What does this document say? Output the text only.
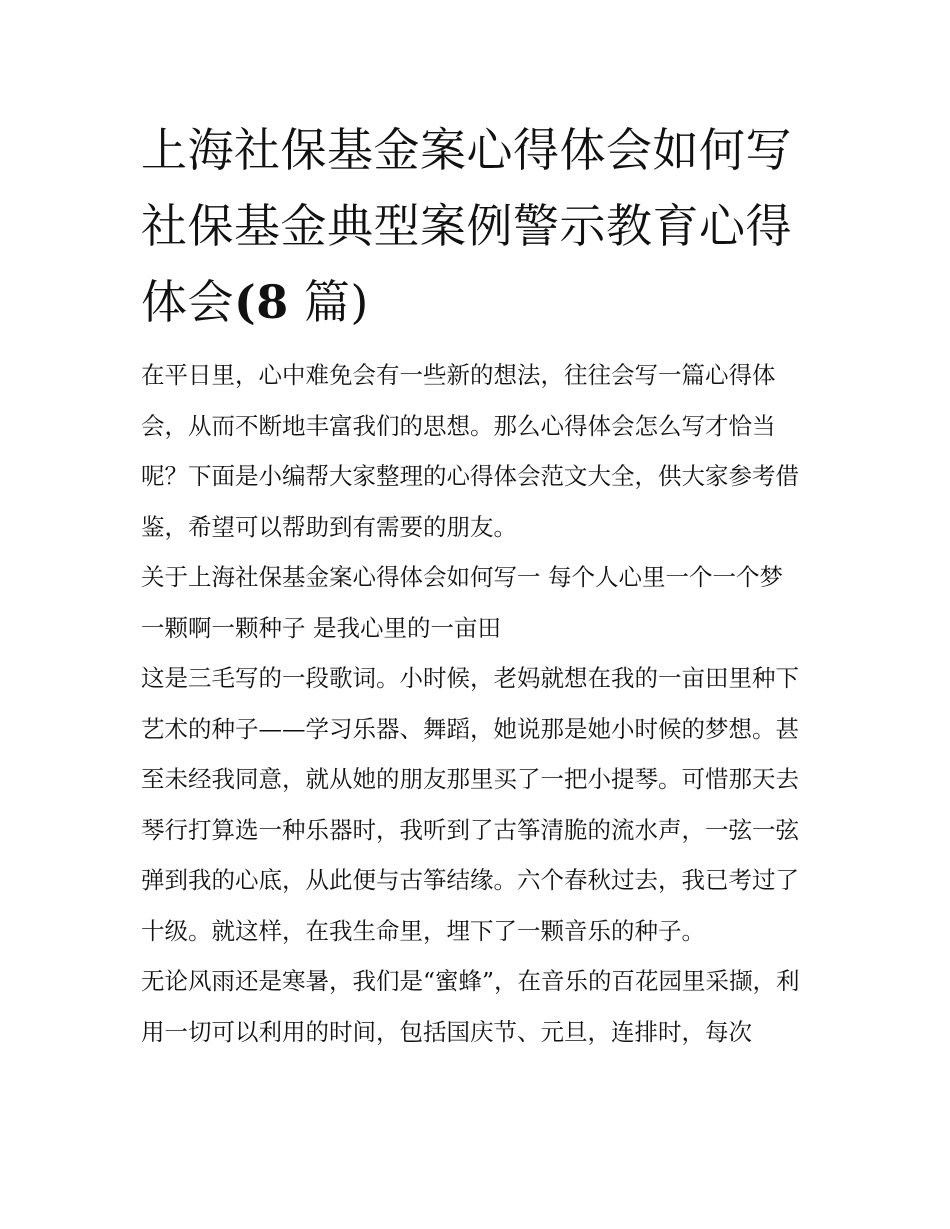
上海社保基金案心得体会如何写 社保基金典型案例警示教育心得体会(8 篇)

在平日里，心中难免会有一些新的想法，往往会写一篇心得体会，从而不断地丰富我们的思想。那么心得体会怎么写才恰当呢？下面是小编帮大家整理的心得体会范文大全，供大家参考借鉴，希望可以帮助到有需要的朋友。

关于上海社保基金案心得体会如何写一 每个人心里一个一个梦 一颗啊一颗种子 是我心里的一亩田

这是三毛写的一段歌词。小时候，老妈就想在我的一亩田里种下艺术的种子——学习乐器、舞蹈，她说那是她小时候的梦想。甚至未经我同意，就从她的朋友那里买了一把小提琴。可惜那天去琴行打算选一种乐器时，我听到了古筝清脆的流水声，一弦一弦弹到我的心底，从此便与古筝结缘。六个春秋过去，我已考过了十级。就这样，在我生命里，埋下了一颗音乐的种子。

无论风雨还是寒暑，我们是“蜜蜂”，在音乐的百花园里采撷，利用一切可以利用的时间，包括国庆节、元旦，连排时，每次
